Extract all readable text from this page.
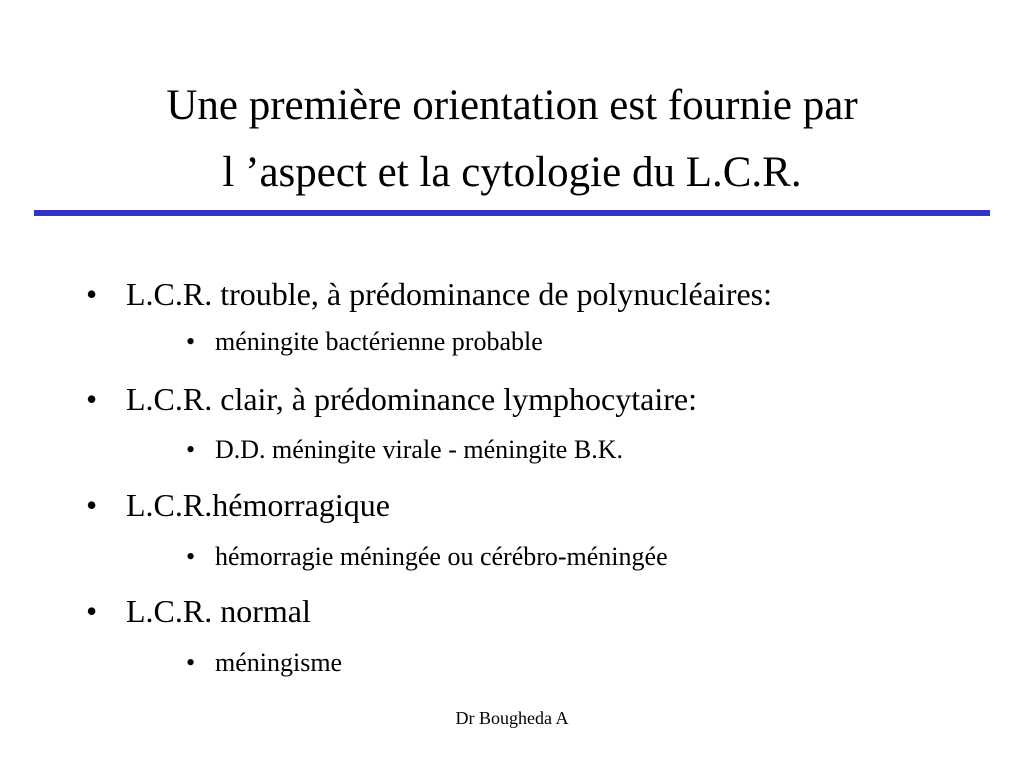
Une première orientation est fournie par
l ’aspect et la cytologie du L.C.R.
• L.C.R. trouble, à prédominance de polynucléaires:
• méningite bactérienne probable
• L.C.R. clair, à prédominance lymphocytaire:
• D.D. méningite virale - méningite B.K.
• L.C.R.hémorragique
• hémorragie méningée ou cérébro-méningée
• L.C.R. normal
• méningisme
Dr Bougheda A
